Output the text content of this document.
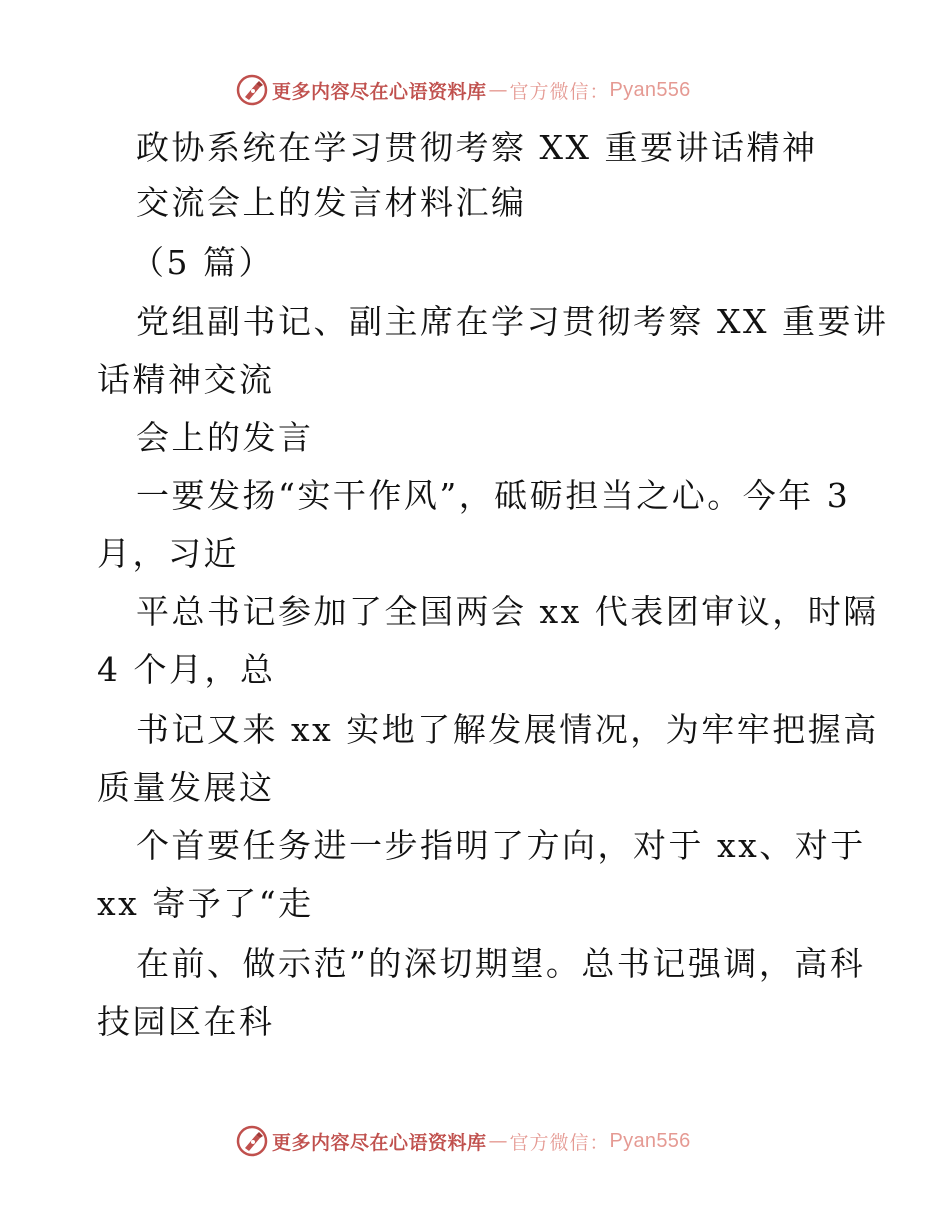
更多内容尽在心语资料库 — 官方微信： Pyan556
政协系统在学习贯彻考察 XX 重要讲话精神
交流会上的发言材料汇编
（5 篇）
党组副书记、副主席在学习贯彻考察 XX 重要讲
话精神交流
会上的发言
一要发扬“实干作风”，砥砺担当之心。今年 3
月，习近
平总书记参加了全国两会 xx 代表团审议，时隔
4 个月，总
书记又来 xx 实地了解发展情况，为牢牢把握高
质量发展这
个首要任务进一步指明了方向，对于 xx、对于
xx 寄予了“走
在前、做示范”的深切期望。总书记强调，高科
技园区在科
更多内容尽在心语资料库 — 官方微信： Pyan556
